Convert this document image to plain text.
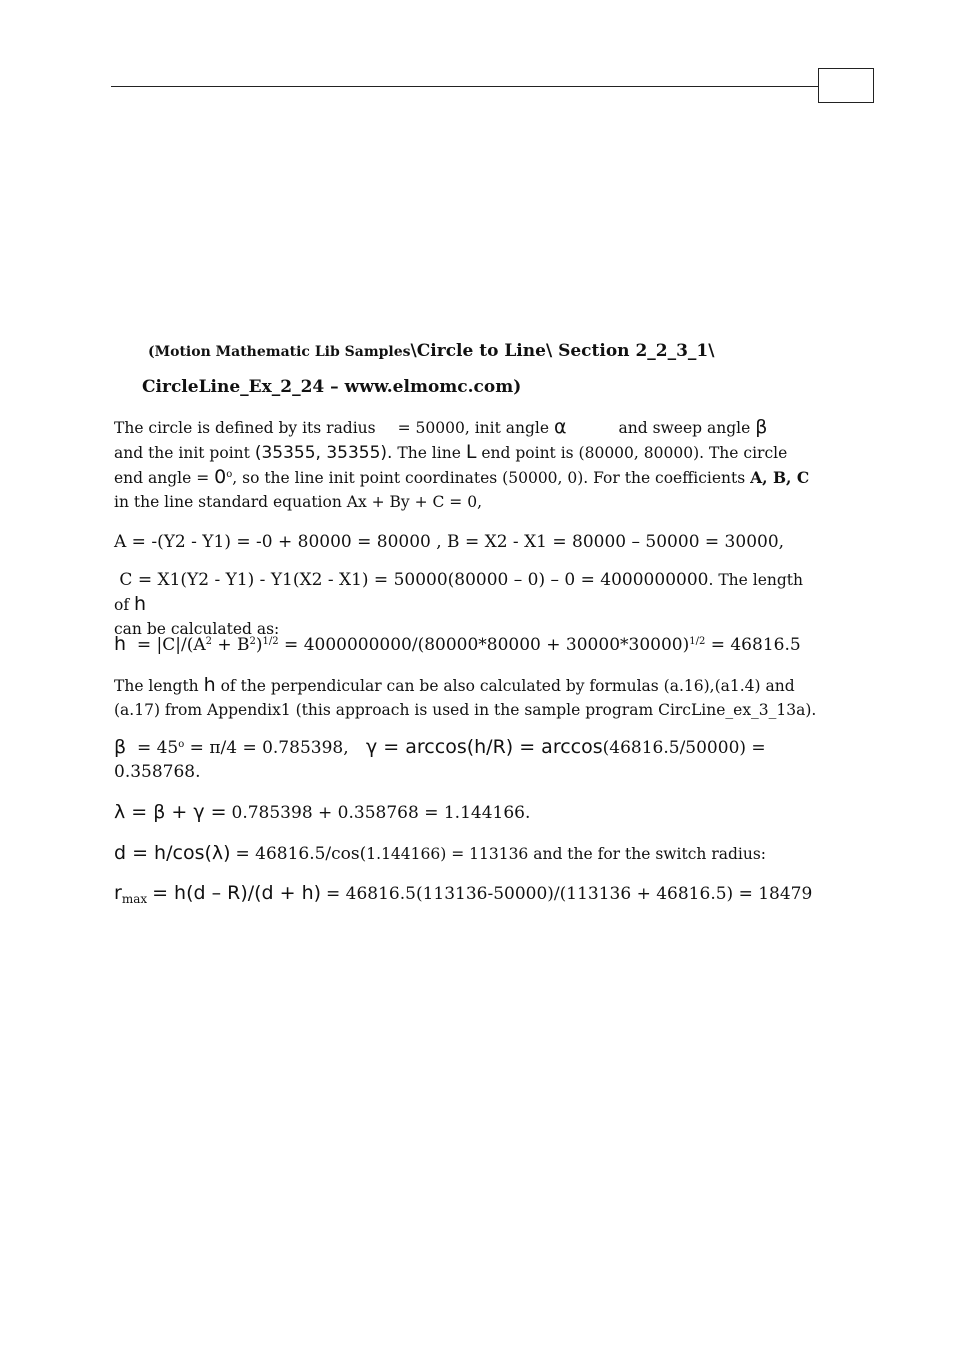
(Motion Mathematic Lib Samples\Circle to Line\ Section 2_2_3_1\
CircleLine_Ex_2_24 – www.elmomc.com)
The circle is defined by its radius = 50000, init angle α	and sweep angle β
and the init point (35355, 35355). The line L end point is (80000, 80000). The circle end angle = $0^o$, so the line init point coordinates (50000, 0). For the coefficients A, B, C in the line standard equation Ax + By + C = 0,
A = -(Y2 - Y1) = -0 + 80000 = 80000 , B = X2 - X1 = 80000 – 50000 = 30000,
C = X1(Y2 - Y1) - Y1(X2 - X1) = 50000(80000 – 0) – 0 = 4000000000. The length of h
can be calculated as:
$h = |C|/(A^2 + B^2)^{1/2} = 4000000000/(80000*80000 + 30000*30000)^{1/2} = 46816.5$
The length h of the perpendicular can be also calculated by formulas (a.16),(a1.4) and (a.17) from Appendix1 (this approach is used in the sample program CircLine_ex_3_13a).
$\beta = 45^o = \pi/4 = 0.785398$, γ = arccos(h/R) = arccos(46816.5/50000) = 0.358768.
λ = β + γ = 0.785398 + 0.358768 = 1.144166.
d = h/cos(λ) = 46816.5/cos(1.144166) = 113136 and the for the switch radius:
$r_{max} = h(d - R)/(d + h) = 46816.5(113136-50000)/(113136 + 46816.5) = 18479$
